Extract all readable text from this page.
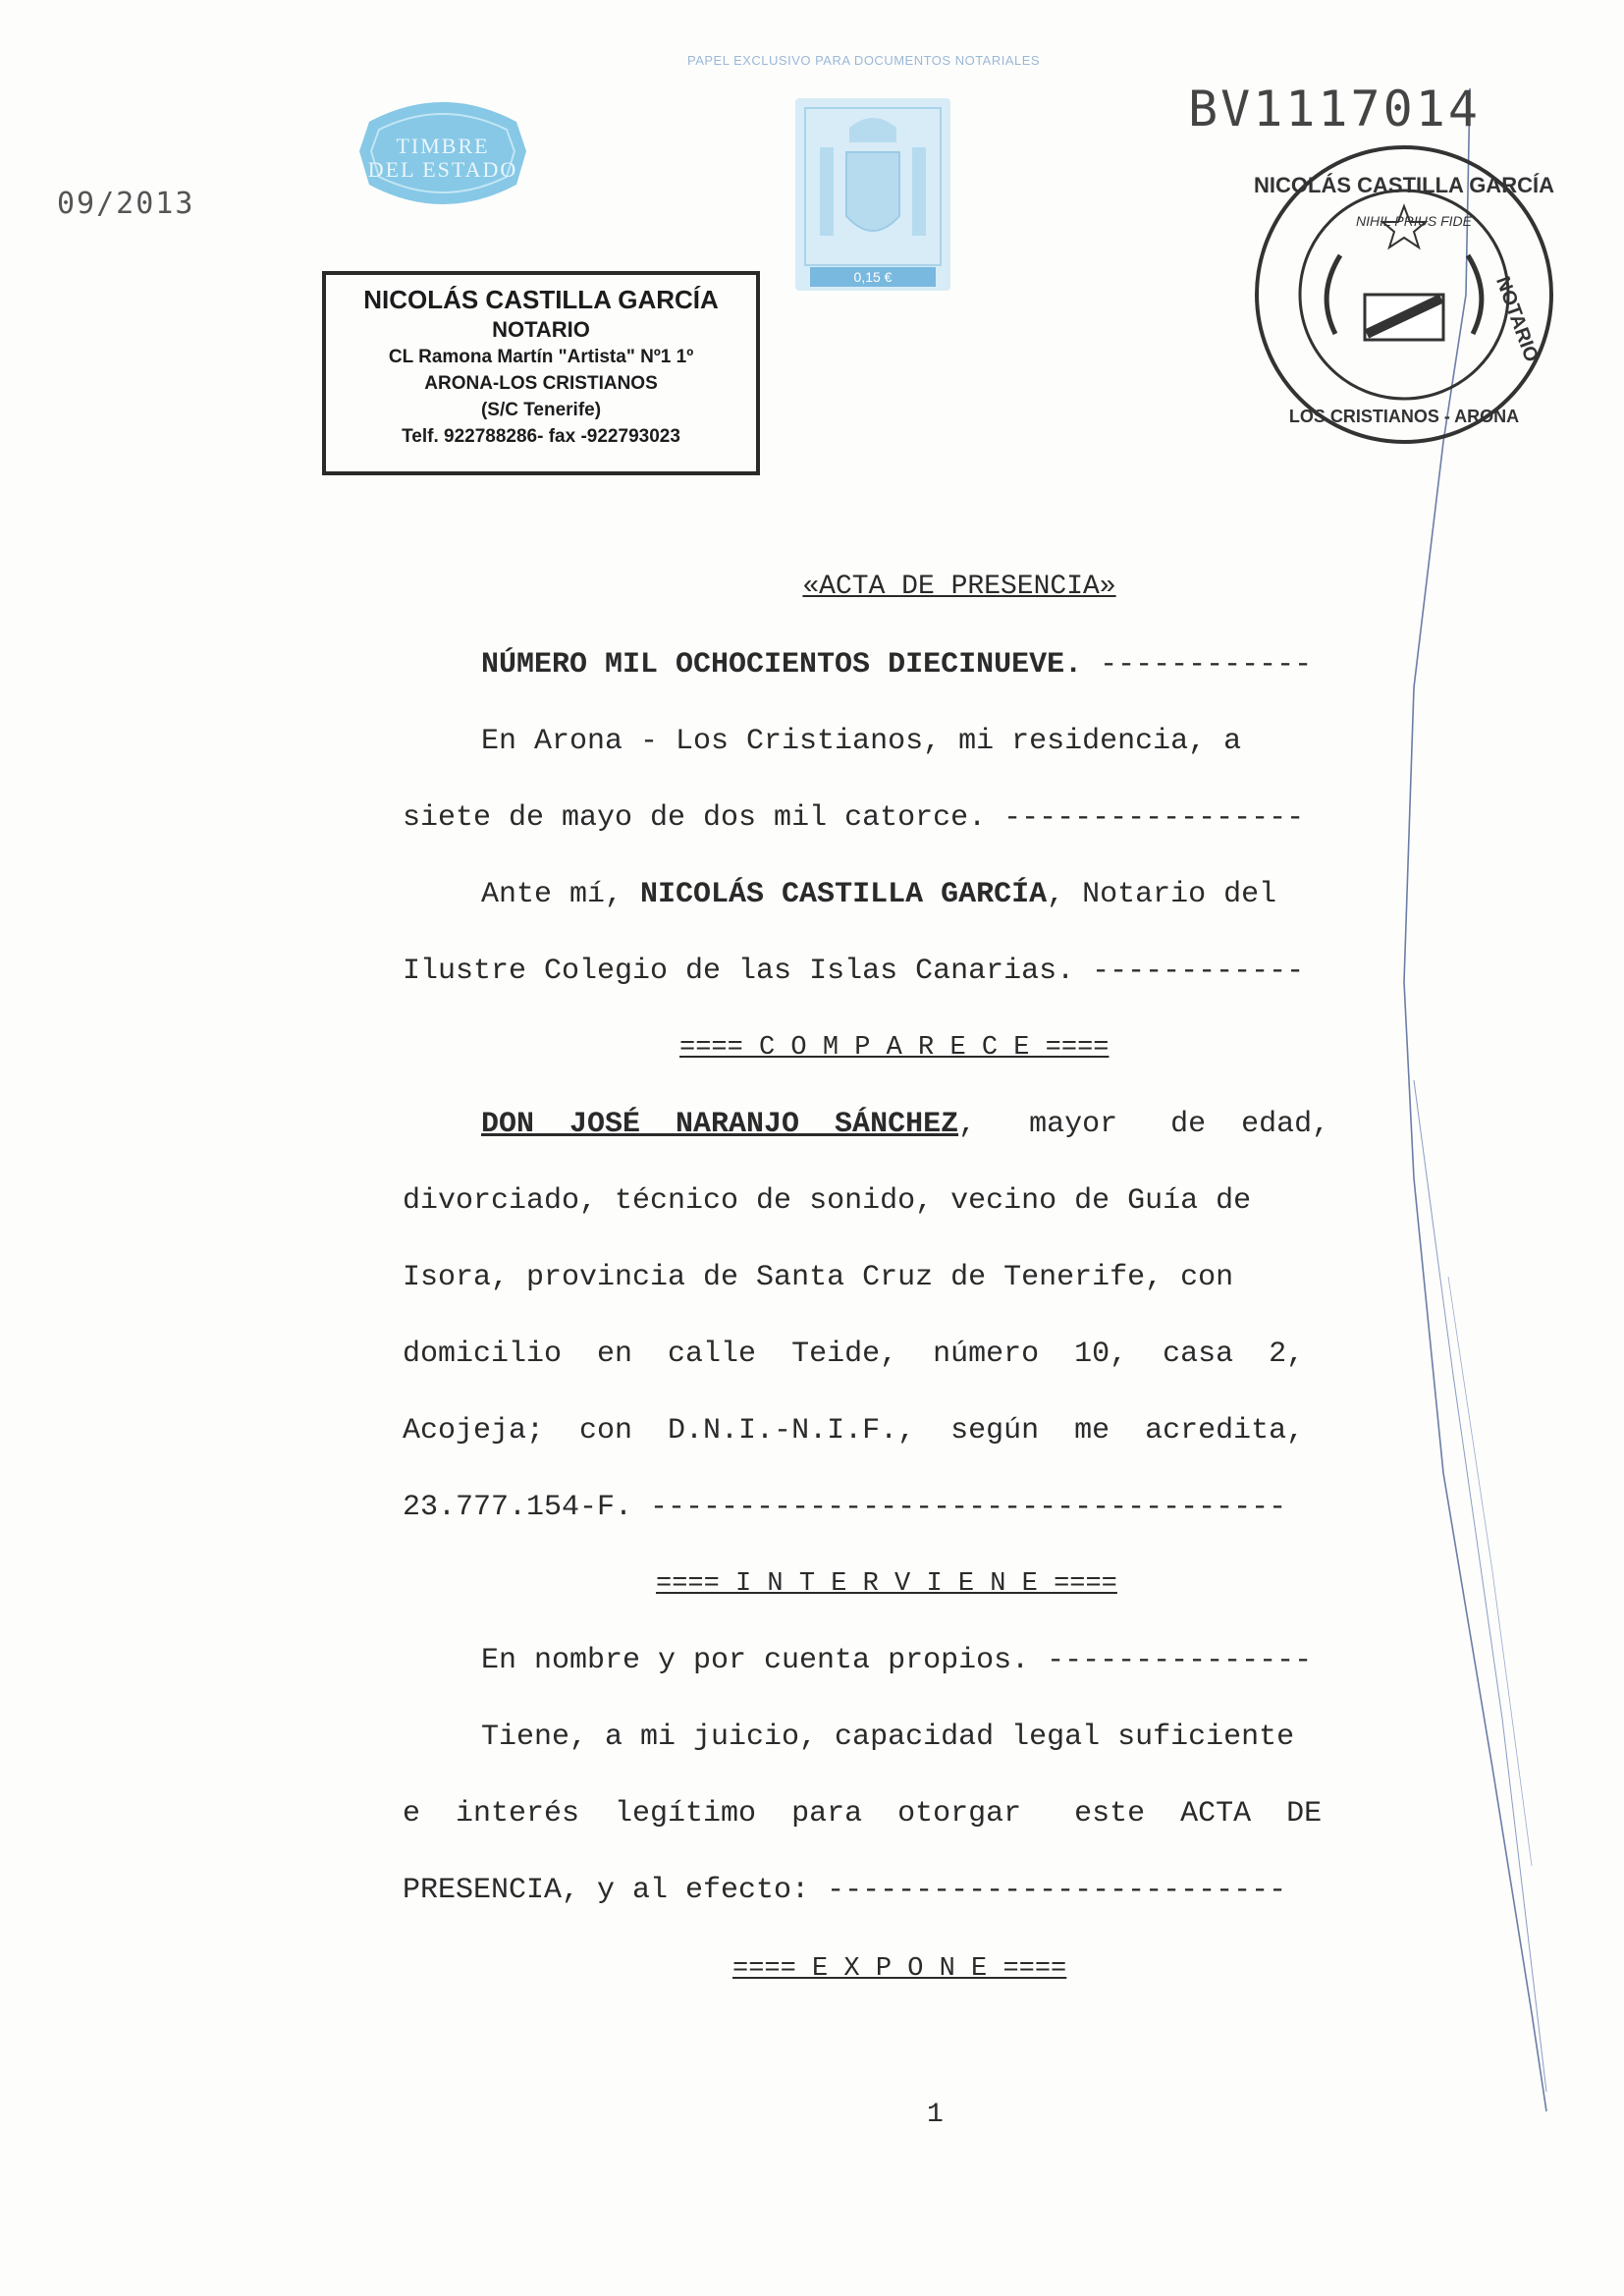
PAPEL EXCLUSIVO PARA DOCUMENTOS NOTARIALES
09/2013
BV1117014
TIMBRE
DEL ESTADO
0,15 €
NICOLÁS CASTILLA GARCÍA
NOTARIO
CL Ramona Martín "Artista" Nº1 1º
ARONA-LOS CRISTIANOS
(S/C Tenerife)
Telf. 922788286- fax -922793023
NICOLÁS CASTILLA GARCÍA
NOTARIO
LOS CRISTIANOS - ARONA
NIHIL PRIUS FIDE
«ACTA DE PRESENCIA»
NÚMERO MIL OCHOCIENTOS DIECINUEVE. ------------
En Arona - Los Cristianos, mi residencia, a
siete de mayo de dos mil catorce. -----------------
Ante mí, NICOLÁS CASTILLA GARCÍA, Notario del
Ilustre Colegio de las Islas Canarias. ------------
==== C O M P A R E C E ====
DON  JOSÉ  NARANJO  SÁNCHEZ,   mayor   de  edad,
divorciado, técnico de sonido, vecino de Guía de
Isora, provincia de Santa Cruz de Tenerife, con
domicilio  en  calle  Teide,  número  10,  casa  2,
Acojeja;  con  D.N.I.-N.I.F.,  según  me  acredita,
23.777.154-F. ------------------------------------
==== I N T E R V I E N E ====
En nombre y por cuenta propios. ---------------
Tiene, a mi juicio, capacidad legal suficiente
e  interés  legítimo  para  otorgar   este  ACTA  DE
PRESENCIA, y al efecto: --------------------------
==== E X P O N E ====
1
